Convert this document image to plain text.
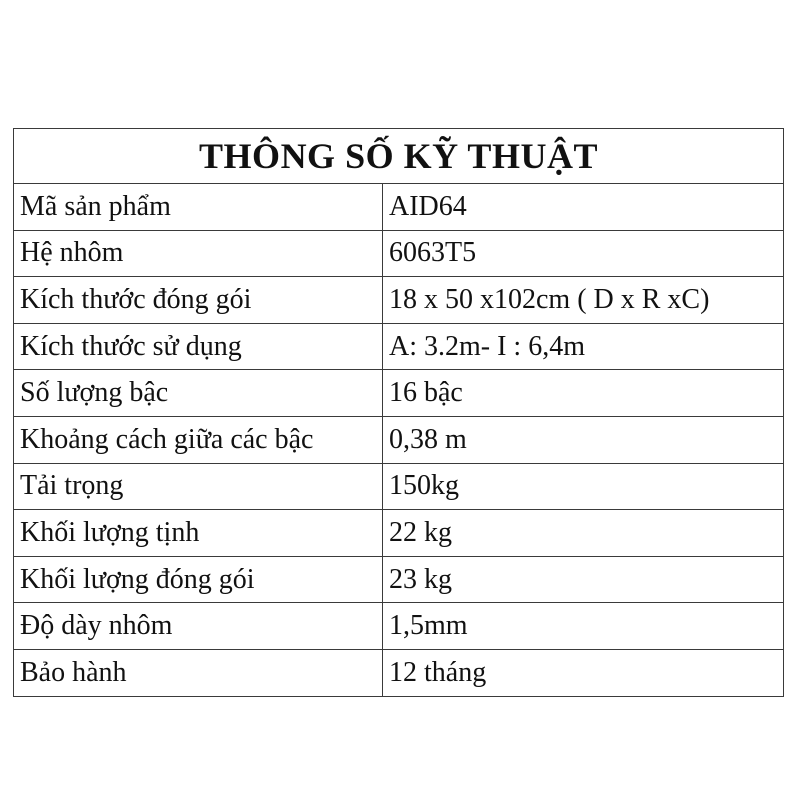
THÔNG SỐ KỸ THUẬT	
Mã sản phẩm	AID64
Hệ nhôm	6063T5
Kích thước đóng gói	18 x 50 x102cm ( D x R xC)
Kích thước sử dụng	A: 3.2m- I : 6,4m
Số lượng bậc	16 bậc
Khoảng cách giữa các bậc	0,38 m
Tải trọng	150kg
Khối lượng tịnh	22 kg
Khối lượng đóng gói	23 kg
Độ dày nhôm	1,5mm
Bảo hành	12 tháng
